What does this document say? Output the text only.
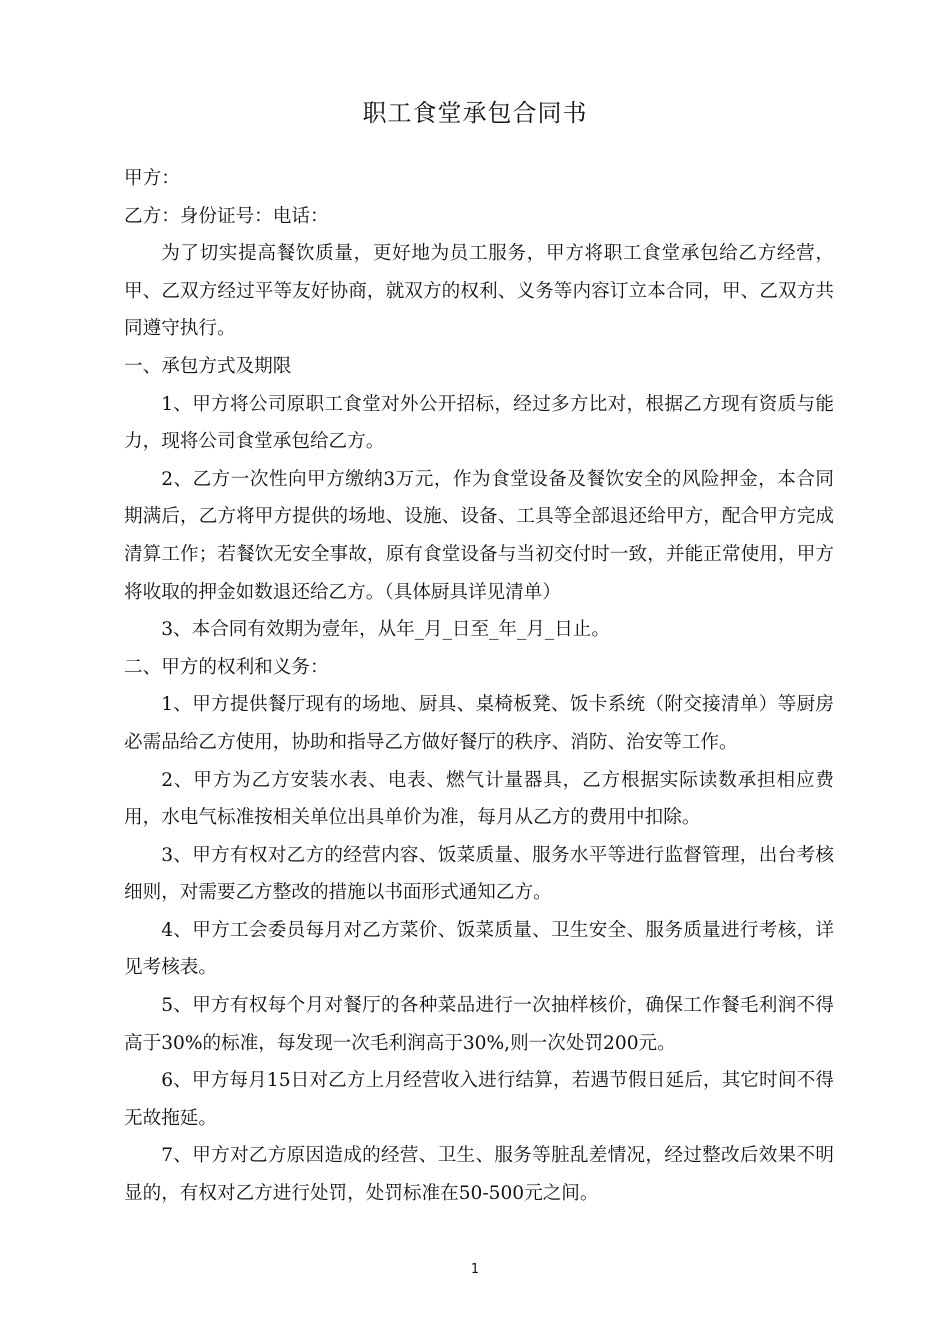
职工食堂承包合同书

甲方：

乙方：身份证号：电话：

为了切实提高餐饮质量，更好地为员工服务，甲方将职工食堂承包给乙方经营，甲、乙双方经过平等友好协商，就双方的权利、义务等内容订立本合同，甲、乙双方共同遵守执行。

一、承包方式及期限

1、甲方将公司原职工食堂对外公开招标，经过多方比对，根据乙方现有资质与能力，现将公司食堂承包给乙方。

2、乙方一次性向甲方缴纳3万元，作为食堂设备及餐饮安全的风险押金，本合同期满后，乙方将甲方提供的场地、设施、设备、工具等全部退还给甲方，配合甲方完成清算工作；若餐饮无安全事故，原有食堂设备与当初交付时一致，并能正常使用，甲方将收取的押金如数退还给乙方。（具体厨具详见清单）

3、本合同有效期为壹年，从年_月_日至_年_月_日止。

二、甲方的权利和义务：

1、甲方提供餐厅现有的场地、厨具、桌椅板凳、饭卡系统（附交接清单）等厨房必需品给乙方使用，协助和指导乙方做好餐厅的秩序、消防、治安等工作。

2、甲方为乙方安装水表、电表、燃气计量器具，乙方根据实际读数承担相应费用，水电气标准按相关单位出具单价为准，每月从乙方的费用中扣除。

3、甲方有权对乙方的经营内容、饭菜质量、服务水平等进行监督管理，出台考核细则，对需要乙方整改的措施以书面形式通知乙方。

4、甲方工会委员每月对乙方菜价、饭菜质量、卫生安全、服务质量进行考核，详见考核表。

5、甲方有权每个月对餐厅的各种菜品进行一次抽样核价，确保工作餐毛利润不得高于30%的标准，每发现一次毛利润高于30%,则一次处罚200元。

6、甲方每月15日对乙方上月经营收入进行结算，若遇节假日延后，其它时间不得无故拖延。

7、甲方对乙方原因造成的经营、卫生、服务等脏乱差情况，经过整改后效果不明显的，有权对乙方进行处罚，处罚标准在50-500元之间。

1
